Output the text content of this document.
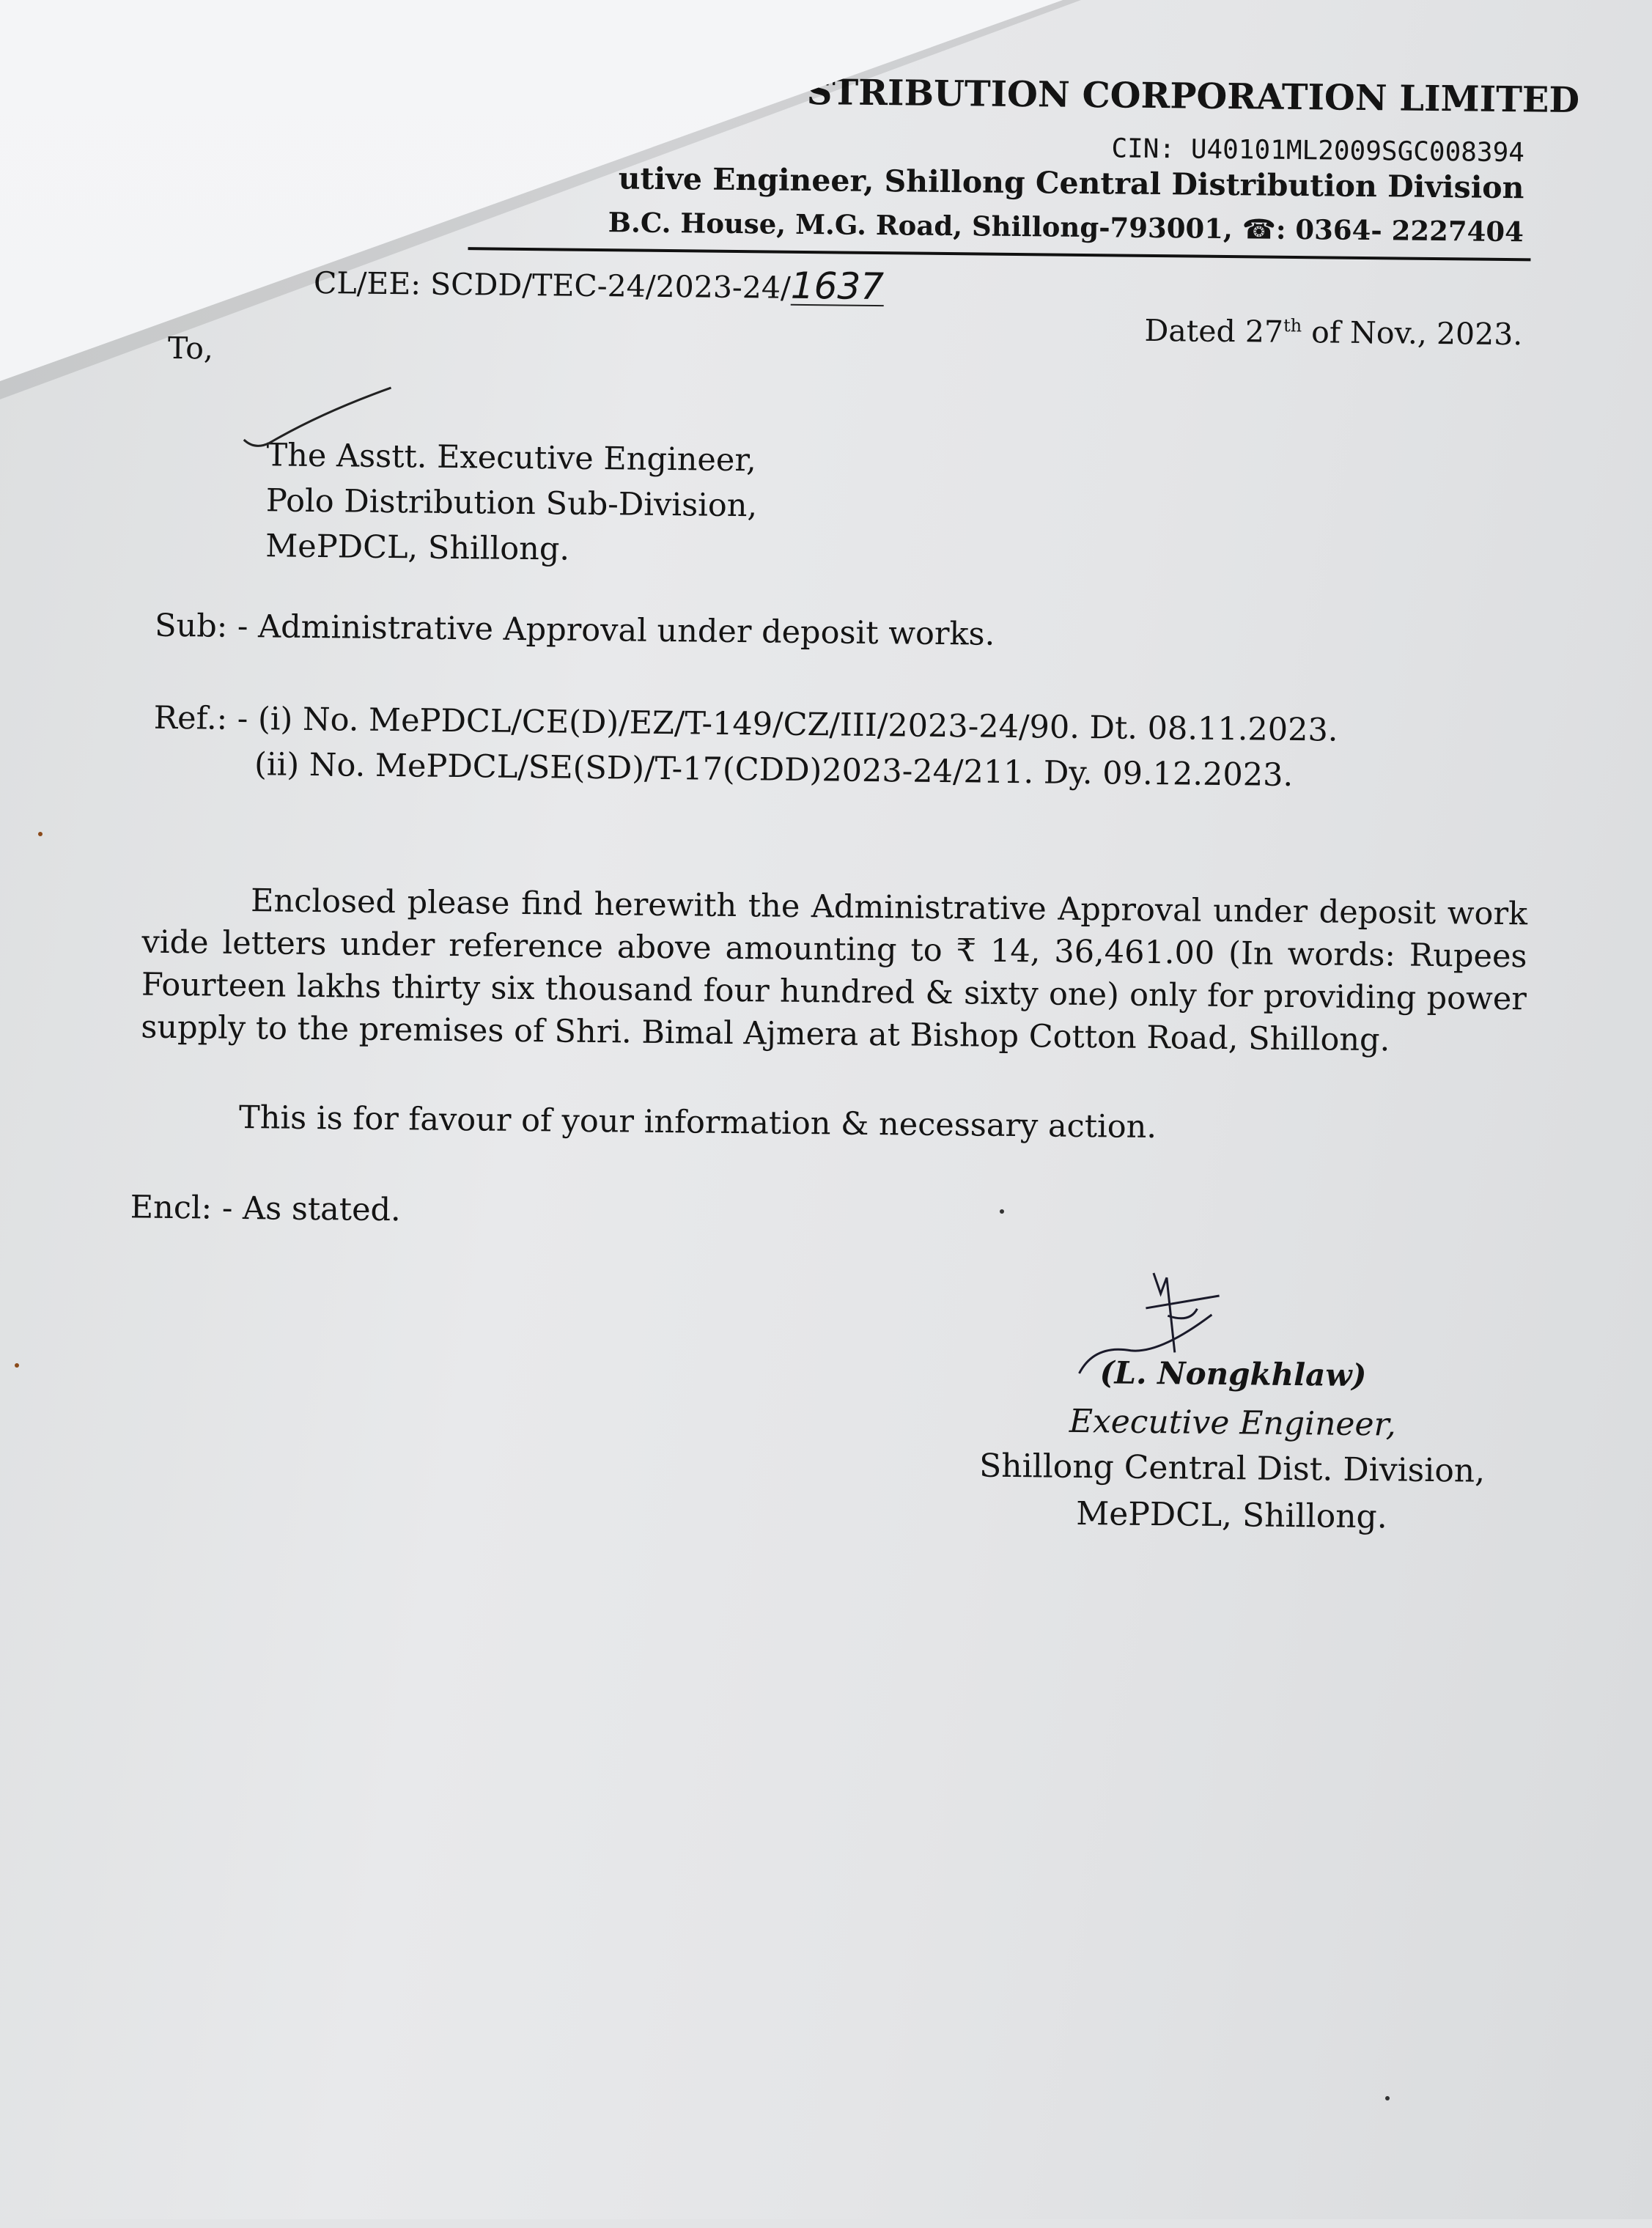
STRIBUTION CORPORATION LIMITED
CIN: U40101ML2009SGC008394
utive Engineer, Shillong Central Distribution Division
B.C. House, M.G. Road, Shillong-793001, ☎: 0364- 2227404
CL/EE: SCDD/TEC-24/2023-24/1637
Dated 27th of Nov., 2023.
To,
The Asstt. Executive Engineer,
Polo Distribution Sub-Division,
MePDCL, Shillong.
Sub: - Administrative Approval under deposit works.
Ref.: - (i) No. MePDCL/CE(D)/EZ/T-149/CZ/III/2023-24/90. Dt. 08.11.2023.
(ii) No. MePDCL/SE(SD)/T-17(CDD)2023-24/211. Dy. 09.12.2023.
Enclosed please find herewith the Administrative Approval under deposit work vide letters under reference above amounting to ₹ 14, 36,461.00 (In words: Rupees Fourteen lakhs thirty six thousand four hundred & sixty one) only for providing power supply to the premises of Shri. Bimal Ajmera at Bishop Cotton Road, Shillong.
This is for favour of your information & necessary action.
Encl: - As stated.
(L. Nongkhlaw)
Executive Engineer,
Shillong Central Dist. Division,
MePDCL, Shillong.
